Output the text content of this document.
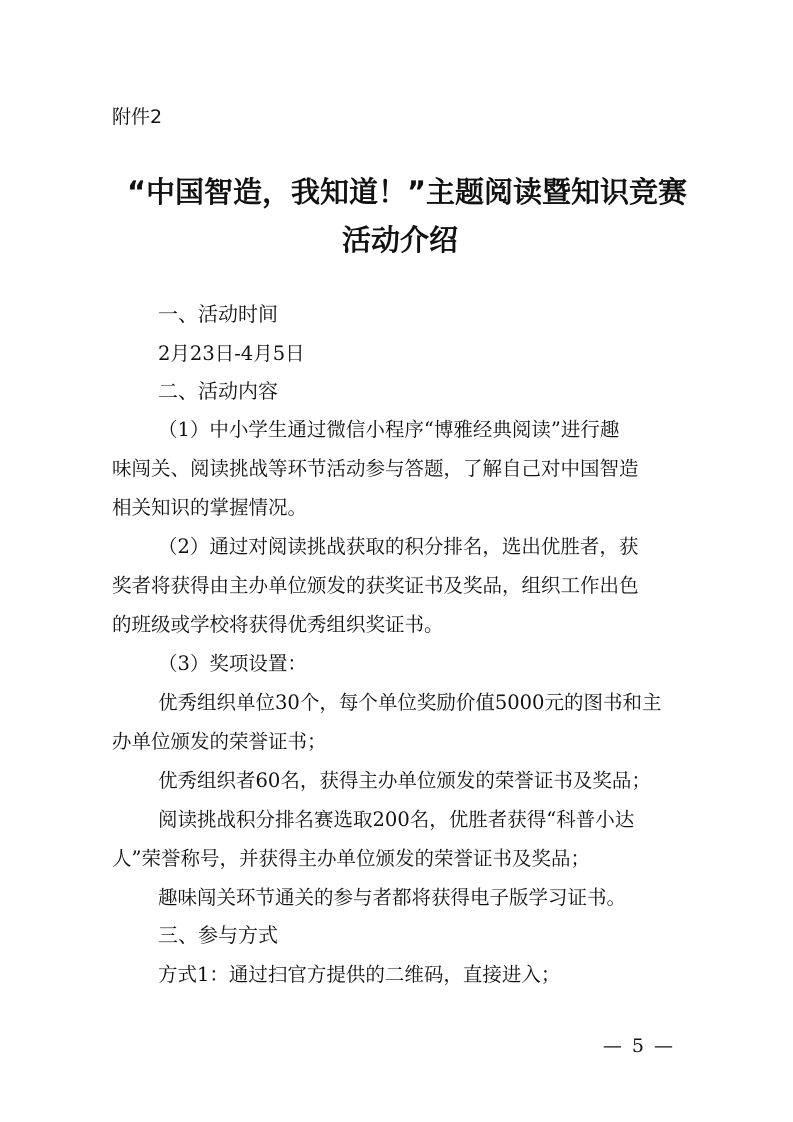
附件2

“中国智造，我知道！”主题阅读暨知识竞赛
活动介绍
一、活动时间

2月23日-4月5日

二、活动内容

（1）中小学生通过微信小程序“博雅经典阅读”进行趣

味闯关、阅读挑战等环节活动参与答题，了解自己对中国智造

相关知识的掌握情况。

（2）通过对阅读挑战获取的积分排名，选出优胜者，获

奖者将获得由主办单位颁发的获奖证书及奖品，组织工作出色

的班级或学校将获得优秀组织奖证书。

（3）奖项设置：

优秀组织单位30个，每个单位奖励价值5000元的图书和主

办单位颁发的荣誉证书；

优秀组织者60名，获得主办单位颁发的荣誉证书及奖品；

阅读挑战积分排名赛选取200名，优胜者获得“科普小达

人”荣誉称号，并获得主办单位颁发的荣誉证书及奖品；

趣味闯关环节通关的参与者都将获得电子版学习证书。

三、参与方式

方式1：通过扫官方提供的二维码，直接进入；

— 5 —
